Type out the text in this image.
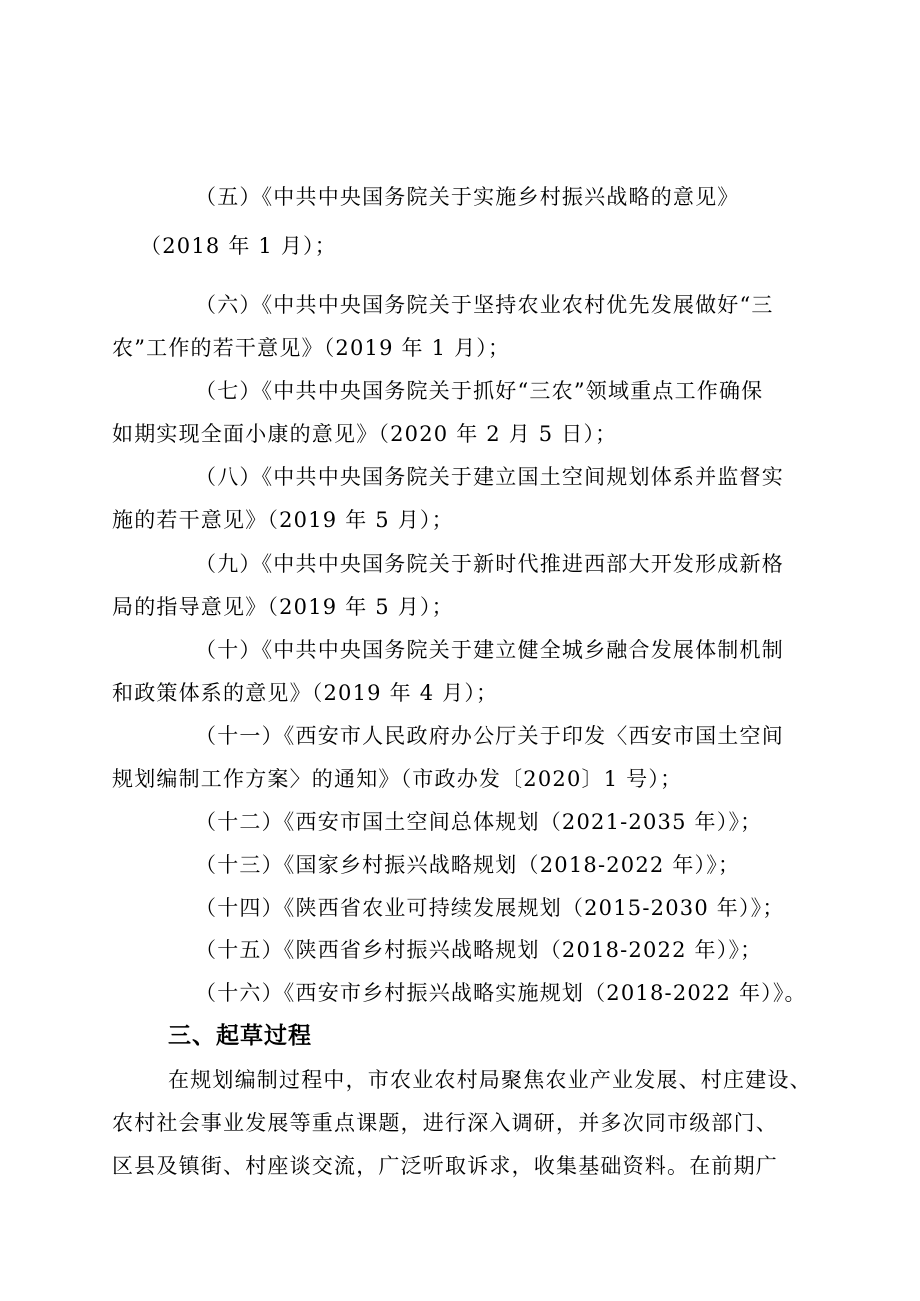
（五）《中共中央国务院关于实施乡村振兴战略的意见》
（2018 年 1 月）；
（六）《中共中央国务院关于坚持农业农村优先发展做好“三
农”工作的若干意见》（2019 年 1 月）；
（七）《中共中央国务院关于抓好“三农”领域重点工作确保
如期实现全面小康的意见》（2020 年 2 月 5 日）；
（八）《中共中央国务院关于建立国土空间规划体系并监督实
施的若干意见》（2019 年 5 月）；
（九）《中共中央国务院关于新时代推进西部大开发形成新格
局的指导意见》（2019 年 5 月）；
（十）《中共中央国务院关于建立健全城乡融合发展体制机制
和政策体系的意见》（2019 年 4 月）；
（十一）《西安市人民政府办公厅关于印发〈西安市国土空间
规划编制工作方案〉的通知》（市政办发〔2020〕1 号）；
（十二）《西安市国土空间总体规划（2021-2035 年）》；
（十三）《国家乡村振兴战略规划（2018-2022 年）》；
（十四）《陕西省农业可持续发展规划（2015-2030 年）》；
（十五）《陕西省乡村振兴战略规划（2018-2022 年）》；
（十六）《西安市乡村振兴战略实施规划（2018-2022 年）》。
三、起草过程
在规划编制过程中，市农业农村局聚焦农业产业发展、村庄建设、
农村社会事业发展等重点课题，进行深入调研，并多次同市级部门、
区县及镇街、村座谈交流，广泛听取诉求，收集基础资料。在前期广
